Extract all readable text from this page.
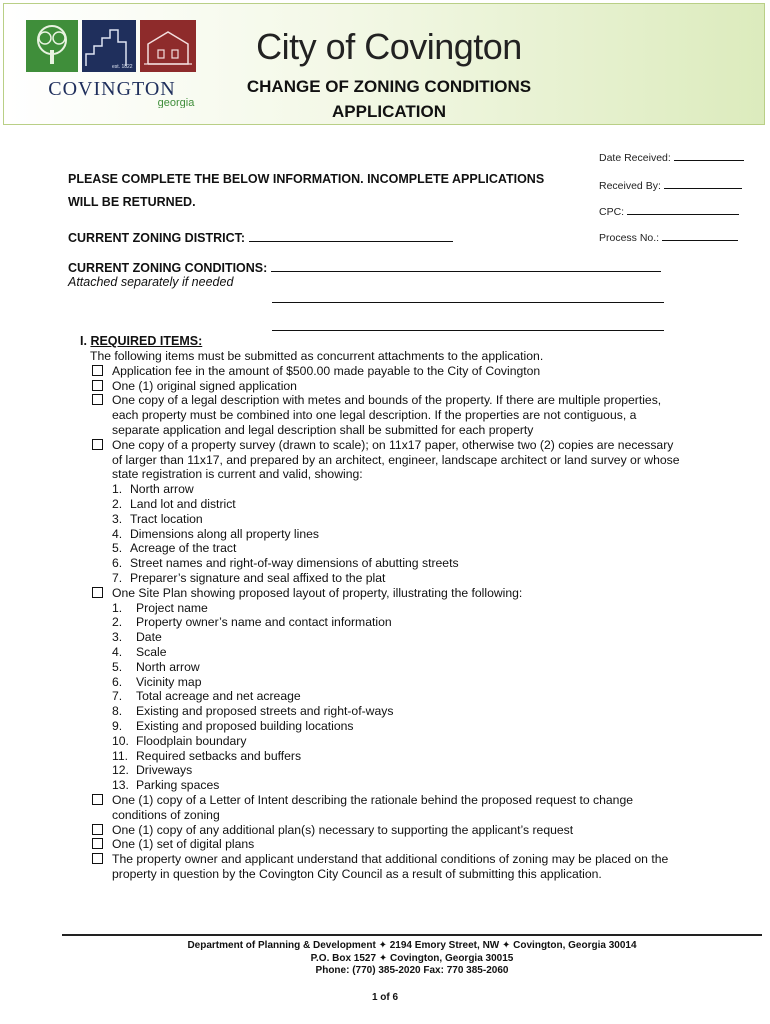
est. 1822
COVINGTON
georgia
City of Covington
CHANGE OF ZONING CONDITIONS
APPLICATION
Date Received:
Received By:
CPC:
Process No.:
PLEASE COMPLETE THE BELOW INFORMATION. INCOMPLETE APPLICATIONS
WILL BE RETURNED.
CURRENT ZONING DISTRICT:
CURRENT ZONING CONDITIONS:
Attached separately if needed
I. REQUIRED ITEMS:
The following items must be submitted as concurrent attachments to the application.
Application fee in the amount of $500.00 made payable to the City of Covington
One (1) original signed application
One copy of a legal description with metes and bounds of the property. If there are multiple properties, each property must be combined into one legal description. If the properties are not contiguous, a separate application and legal description shall be submitted for each property
One copy of a property survey (drawn to scale); on 11x17 paper, otherwise two (2) copies are necessary of larger than 11x17, and prepared by an architect, engineer, landscape architect or land survey or whose state registration is current and valid, showing:
1. North arrow
2. Land lot and district
3. Tract location
4. Dimensions along all property lines
5. Acreage of the tract
6. Street names and right-of-way dimensions of abutting streets
7. Preparer’s signature and seal affixed to the plat
One Site Plan showing proposed layout of property, illustrating the following:
1. Project name
2. Property owner’s name and contact information
3. Date
4. Scale
5. North arrow
6. Vicinity map
7. Total acreage and net acreage
8. Existing and proposed streets and right-of-ways
9. Existing and proposed building locations
10. Floodplain boundary
11. Required setbacks and buffers
12. Driveways
13. Parking spaces
One (1) copy of a Letter of Intent describing the rationale behind the proposed request to change conditions of zoning
One (1) copy of any additional plan(s) necessary to supporting the applicant’s request
One (1) set of digital plans
The property owner and applicant understand that additional conditions of zoning may be placed on the property in question by the Covington City Council as a result of submitting this application.
Department of Planning & Development ✦ 2194 Emory Street, NW ✦ Covington, Georgia 30014
P.O. Box 1527 ✦ Covington, Georgia 30015
Phone: (770) 385-2020 Fax: 770 385-2060
1 of 6
